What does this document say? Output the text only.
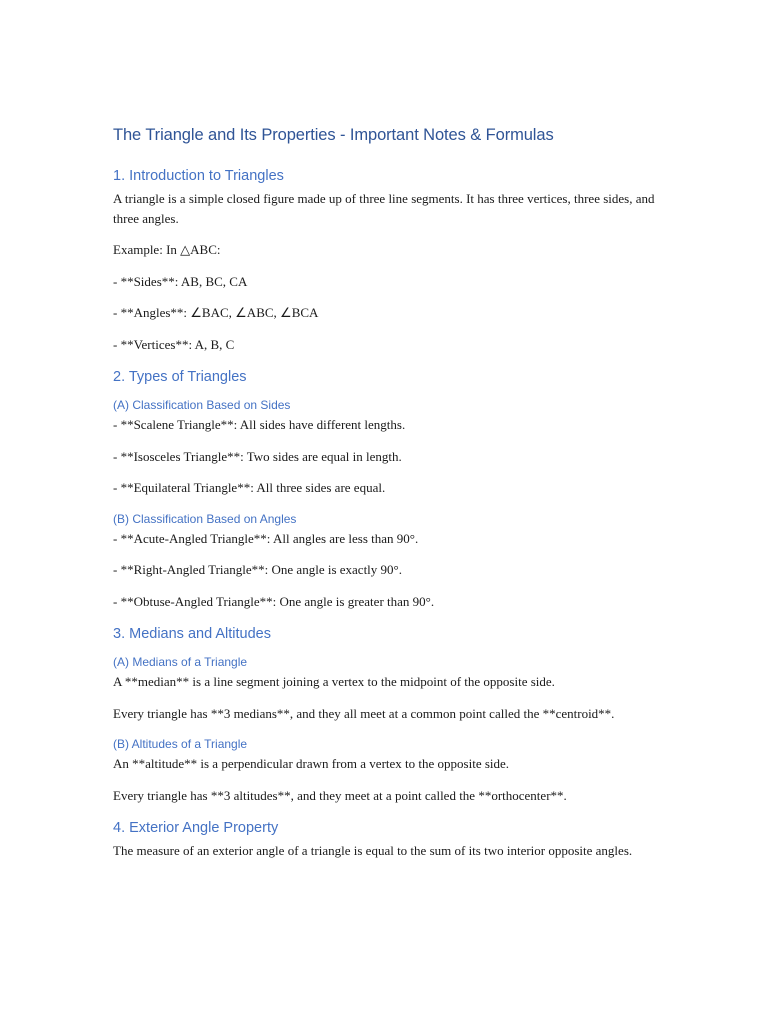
The Triangle and Its Properties - Important Notes & Formulas
1. Introduction to Triangles
A triangle is a simple closed figure made up of three line segments. It has three vertices, three sides, and three angles.
Example: In △ABC:
- **Sides**: AB, BC, CA
- **Angles**: ∠BAC, ∠ABC, ∠BCA
- **Vertices**: A, B, C
2. Types of Triangles
(A) Classification Based on Sides
- **Scalene Triangle**: All sides have different lengths.
- **Isosceles Triangle**: Two sides are equal in length.
- **Equilateral Triangle**: All three sides are equal.
(B) Classification Based on Angles
- **Acute-Angled Triangle**: All angles are less than 90°.
- **Right-Angled Triangle**: One angle is exactly 90°.
- **Obtuse-Angled Triangle**: One angle is greater than 90°.
3. Medians and Altitudes
(A) Medians of a Triangle
A **median** is a line segment joining a vertex to the midpoint of the opposite side.
Every triangle has **3 medians**, and they all meet at a common point called the **centroid**.
(B) Altitudes of a Triangle
An **altitude** is a perpendicular drawn from a vertex to the opposite side.
Every triangle has **3 altitudes**, and they meet at a point called the **orthocenter**.
4. Exterior Angle Property
The measure of an exterior angle of a triangle is equal to the sum of its two interior opposite angles.
